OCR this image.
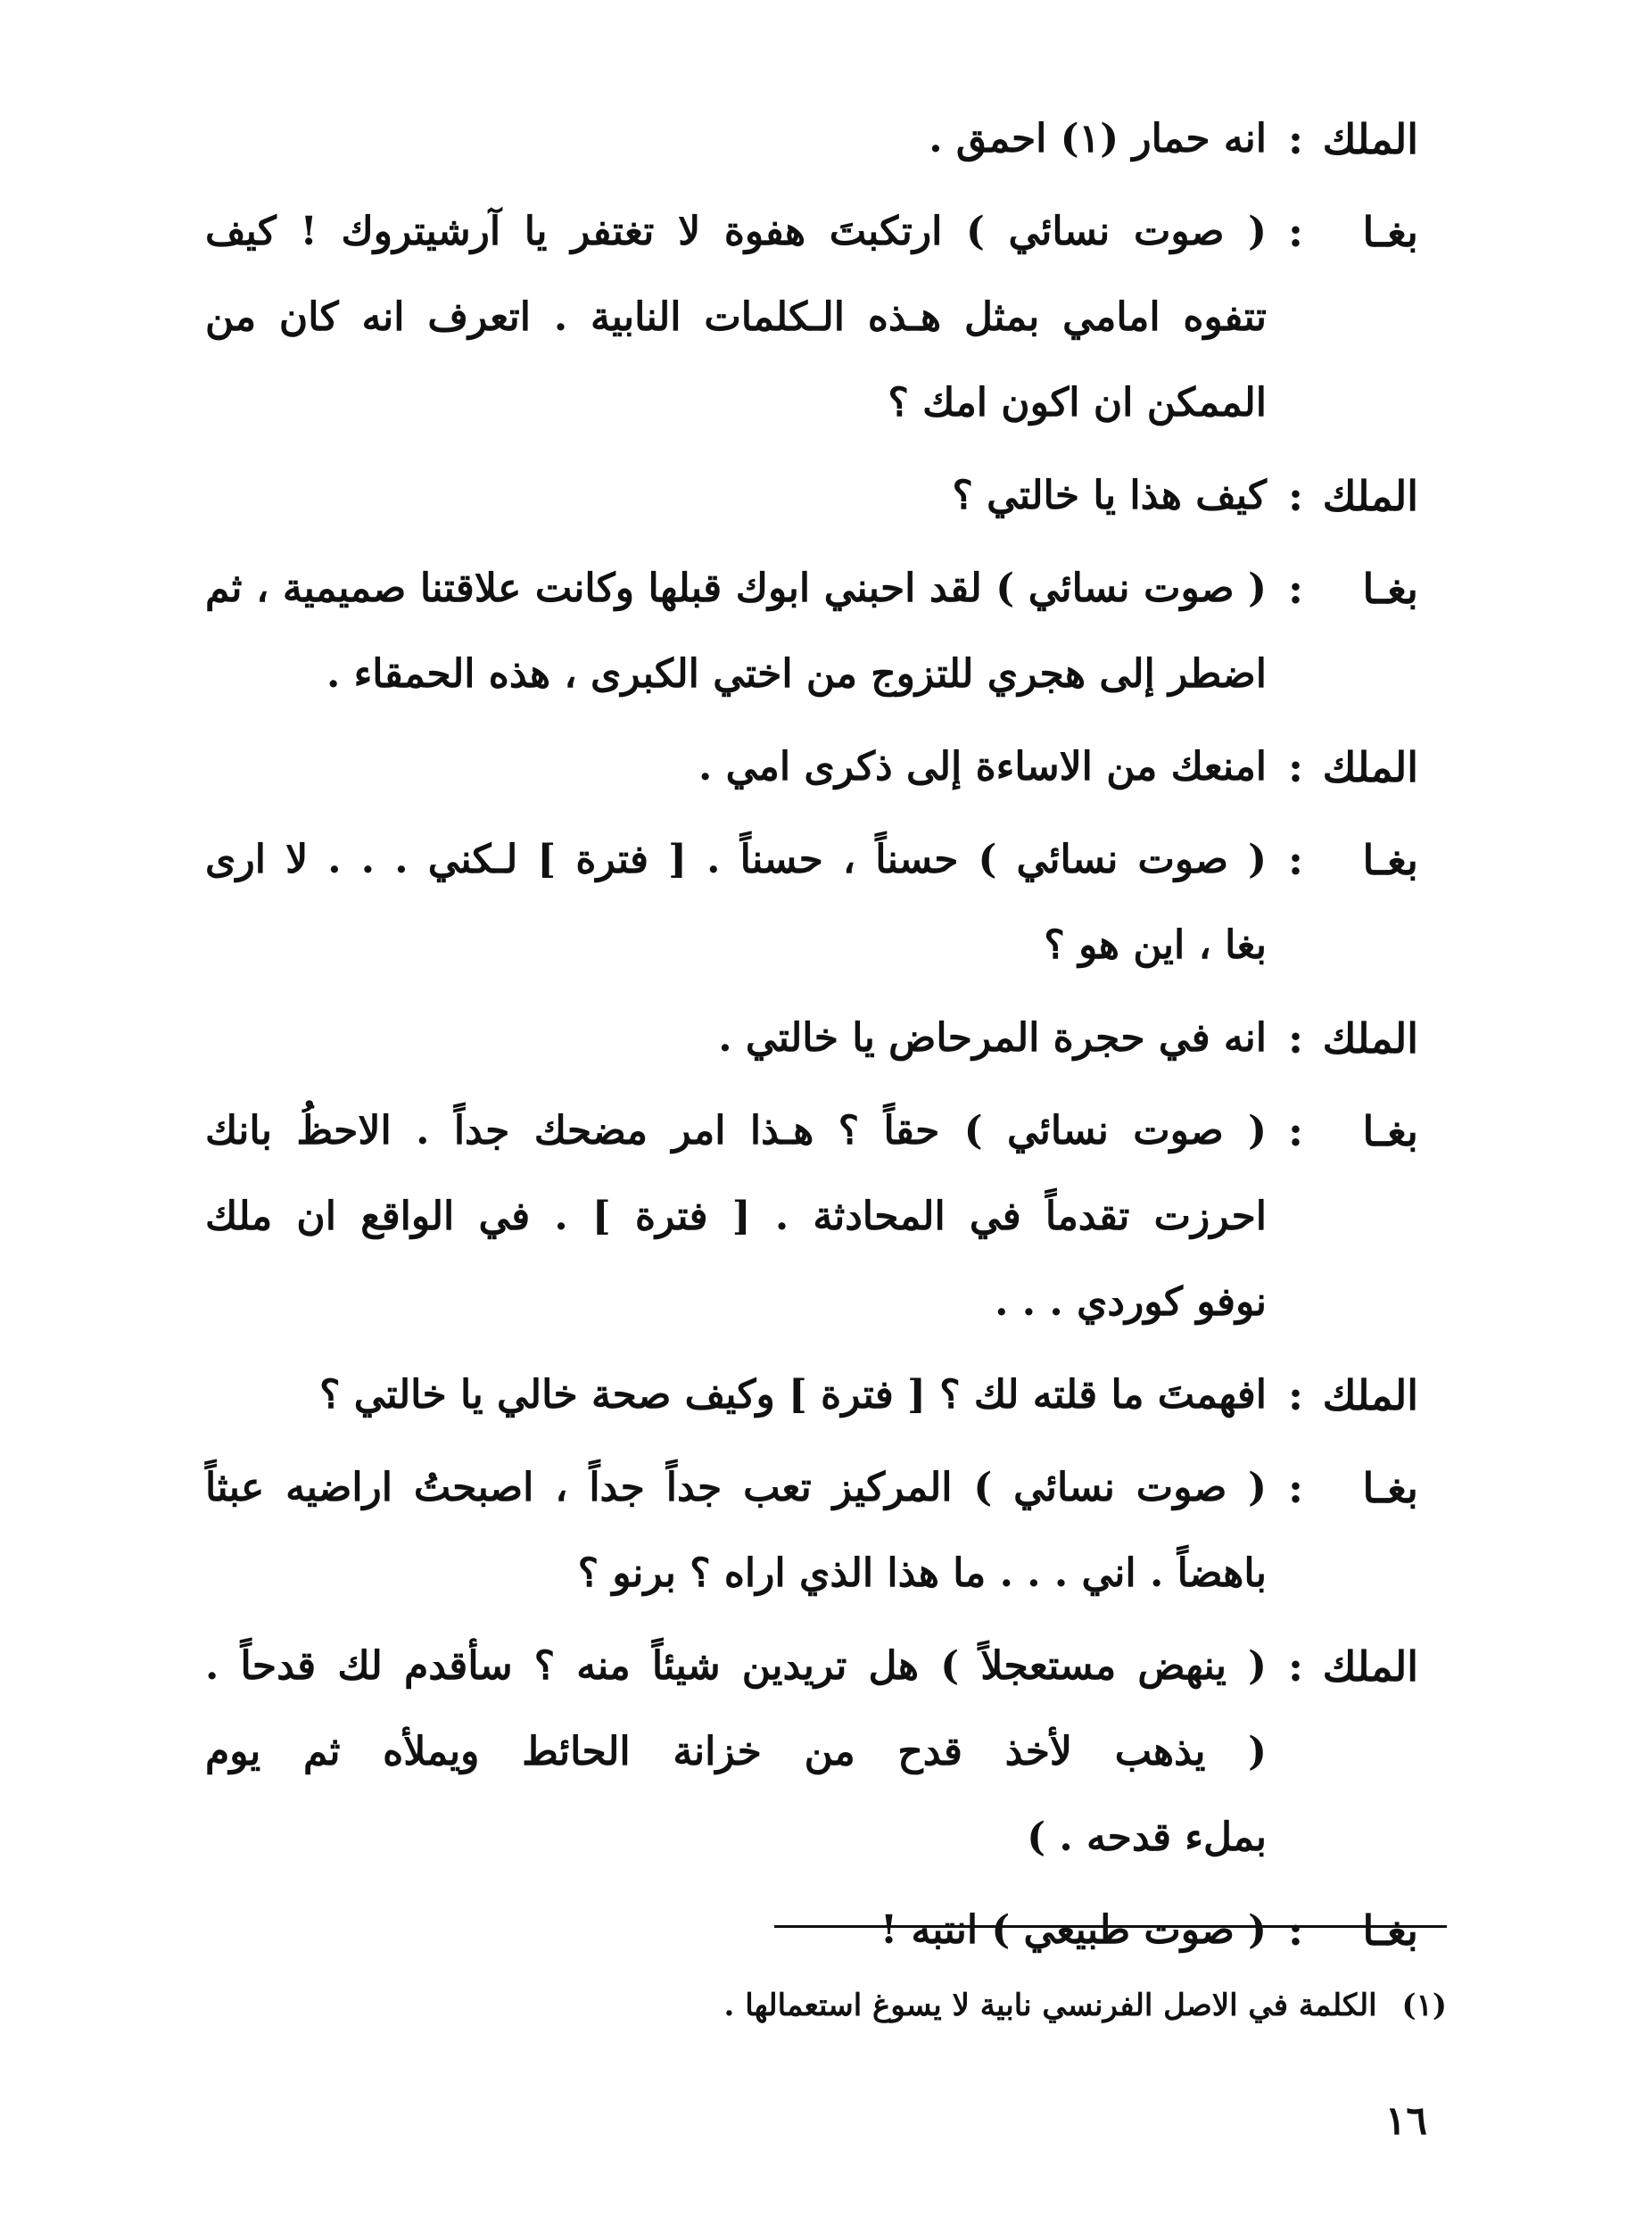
الملك
:
انه حمار (١) احمق .
بغـا
:
( صوت نسائي ) ارتكبتَ هفوة لا تغتفر يا آرشيتروك ! كيف
تتفوه امامي بمثل هـذه الـكلمات النابية . اتعرف انه كان من
الممكن ان اكون امك ؟
الملك
:
كيف هذا يا خالتي ؟
بغـا
:
( صوت نسائي ) لقد احبني ابوك قبلها وكانت علاقتنا صميمية ، ثم
اضطر إلى هجري للتزوج من اختي الكبرى ، هذه الحمقاء .
الملك
:
امنعك من الاساءة إلى ذكرى امي .
بغـا
:
( صوت نسائي ) حسناً ، حسناً . [ فترة ] لـكني . . . لا ارى
بغا ، اين هو ؟
الملك
:
انه في حجرة المرحاض يا خالتي .
بغـا
:
( صوت نسائي ) حقاً ؟ هـذا امر مضحك جداً . الاحظُ بانك
احرزت تقدماً في المحادثة . [ فترة ] . في الواقع ان ملك
نوفو كوردي . . .
الملك
:
افهمتَ ما قلته لك ؟ [ فترة ] وكيف صحة خالي يا خالتي ؟
بغـا
:
( صوت نسائي ) المركيز تعب جداً جداً ، اصبحتُ اراضيه عبثاً
باهضاً . اني . . . ما هذا الذي اراه ؟ برنو ؟
الملك
:
( ينهض مستعجلاً ) هل تريدين شيئاً منه ؟ سأقدم لك قدحاً .
( يذهب لأخذ قدح من خزانة الحائط ويملأه ثم يوم
بملء قدحه . )
بغـا
:
( صوت طبيعي ) انتبه !
(١)الكلمة في الاصل الفرنسي نابية لا يسوغ استعمالها .
١٦
